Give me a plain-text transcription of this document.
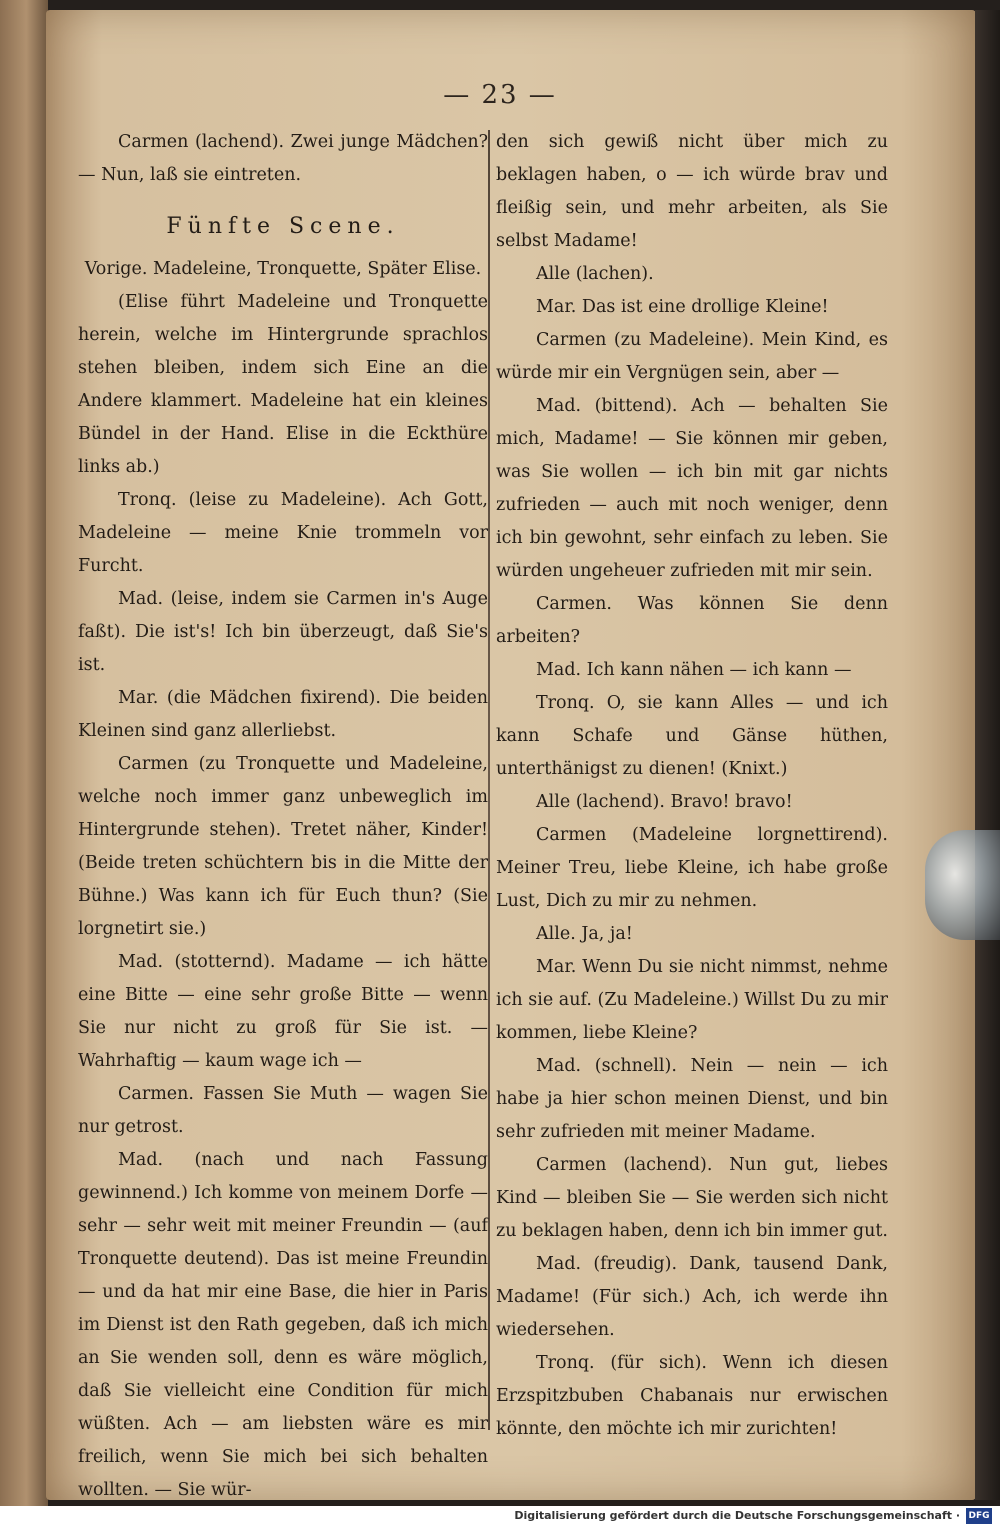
— 23 —

Carmen (lachend). Zwei junge Mädchen? — Nun, laß sie eintreten.

Fünfte Scene.

Vorige. Madeleine, Tronquette, Später Elise.

(Elise führt Madeleine und Tronquette herein, welche im Hintergrunde sprachlos stehen bleiben, indem sich Eine an die Andere klammert. Madeleine hat ein kleines Bündel in der Hand. Elise in die Eckthüre links ab.)

Tronq. (leise zu Madeleine). Ach Gott, Madeleine — meine Knie trommeln vor Furcht.

Mad. (leise, indem sie Carmen in's Auge faßt). Die ist's! Ich bin überzeugt, daß Sie's ist.

Mar. (die Mädchen fixirend). Die beiden Kleinen sind ganz allerliebst.

Carmen (zu Tronquette und Madeleine, welche noch immer ganz unbeweglich im Hintergrunde stehen). Tretet näher, Kinder! (Beide treten schüchtern bis in die Mitte der Bühne.) Was kann ich für Euch thun? (Sie lorgnetirt sie.)

Mad. (stotternd). Madame — ich hätte eine Bitte — eine sehr große Bitte — wenn Sie nur nicht zu groß für Sie ist. — Wahrhaftig — kaum wage ich —

Carmen. Fassen Sie Muth — wagen Sie nur getrost.

Mad. (nach und nach Fassung gewinnend.) Ich komme von meinem Dorfe — sehr — sehr weit mit meiner Freundin — (auf Tronquette deutend). Das ist meine Freundin — und da hat mir eine Base, die hier in Paris im Dienst ist den Rath gegeben, daß ich mich an Sie wenden soll, denn es wäre möglich, daß Sie vielleicht eine Condition für mich wüßten. Ach — am liebsten wäre es mir freilich, wenn Sie mich bei sich behalten wollten. — Sie wür-

den sich gewiß nicht über mich zu beklagen haben, o — ich würde brav und fleißig sein, und mehr arbeiten, als Sie selbst Madame!

Alle (lachen).

Mar. Das ist eine drollige Kleine!

Carmen (zu Madeleine). Mein Kind, es würde mir ein Vergnügen sein, aber —

Mad. (bittend). Ach — behalten Sie mich, Madame! — Sie können mir geben, was Sie wollen — ich bin mit gar nichts zufrieden — auch mit noch weniger, denn ich bin gewohnt, sehr einfach zu leben. Sie würden ungeheuer zufrieden mit mir sein.

Carmen. Was können Sie denn arbeiten?

Mad. Ich kann nähen — ich kann —

Tronq. O, sie kann Alles — und ich kann Schafe und Gänse hüthen, unterthänigst zu dienen! (Knixt.)

Alle (lachend). Bravo! bravo!

Carmen (Madeleine lorgnettirend). Meiner Treu, liebe Kleine, ich habe große Lust, Dich zu mir zu nehmen.

Alle. Ja, ja!

Mar. Wenn Du sie nicht nimmst, nehme ich sie auf. (Zu Madeleine.) Willst Du zu mir kommen, liebe Kleine?

Mad. (schnell). Nein — nein — ich habe ja hier schon meinen Dienst, und bin sehr zufrieden mit meiner Madame.

Carmen (lachend). Nun gut, liebes Kind — bleiben Sie — Sie werden sich nicht zu beklagen haben, denn ich bin immer gut.

Mad. (freudig). Dank, tausend Dank, Madame! (Für sich.) Ach, ich werde ihn wiedersehen.

Tronq. (für sich). Wenn ich diesen Erzspitzbuben Chabanais nur erwischen könnte, den möchte ich mir zurichten!

Digitalisierung gefördert durch die Deutsche Forschungsgemeinschaft · DFG
